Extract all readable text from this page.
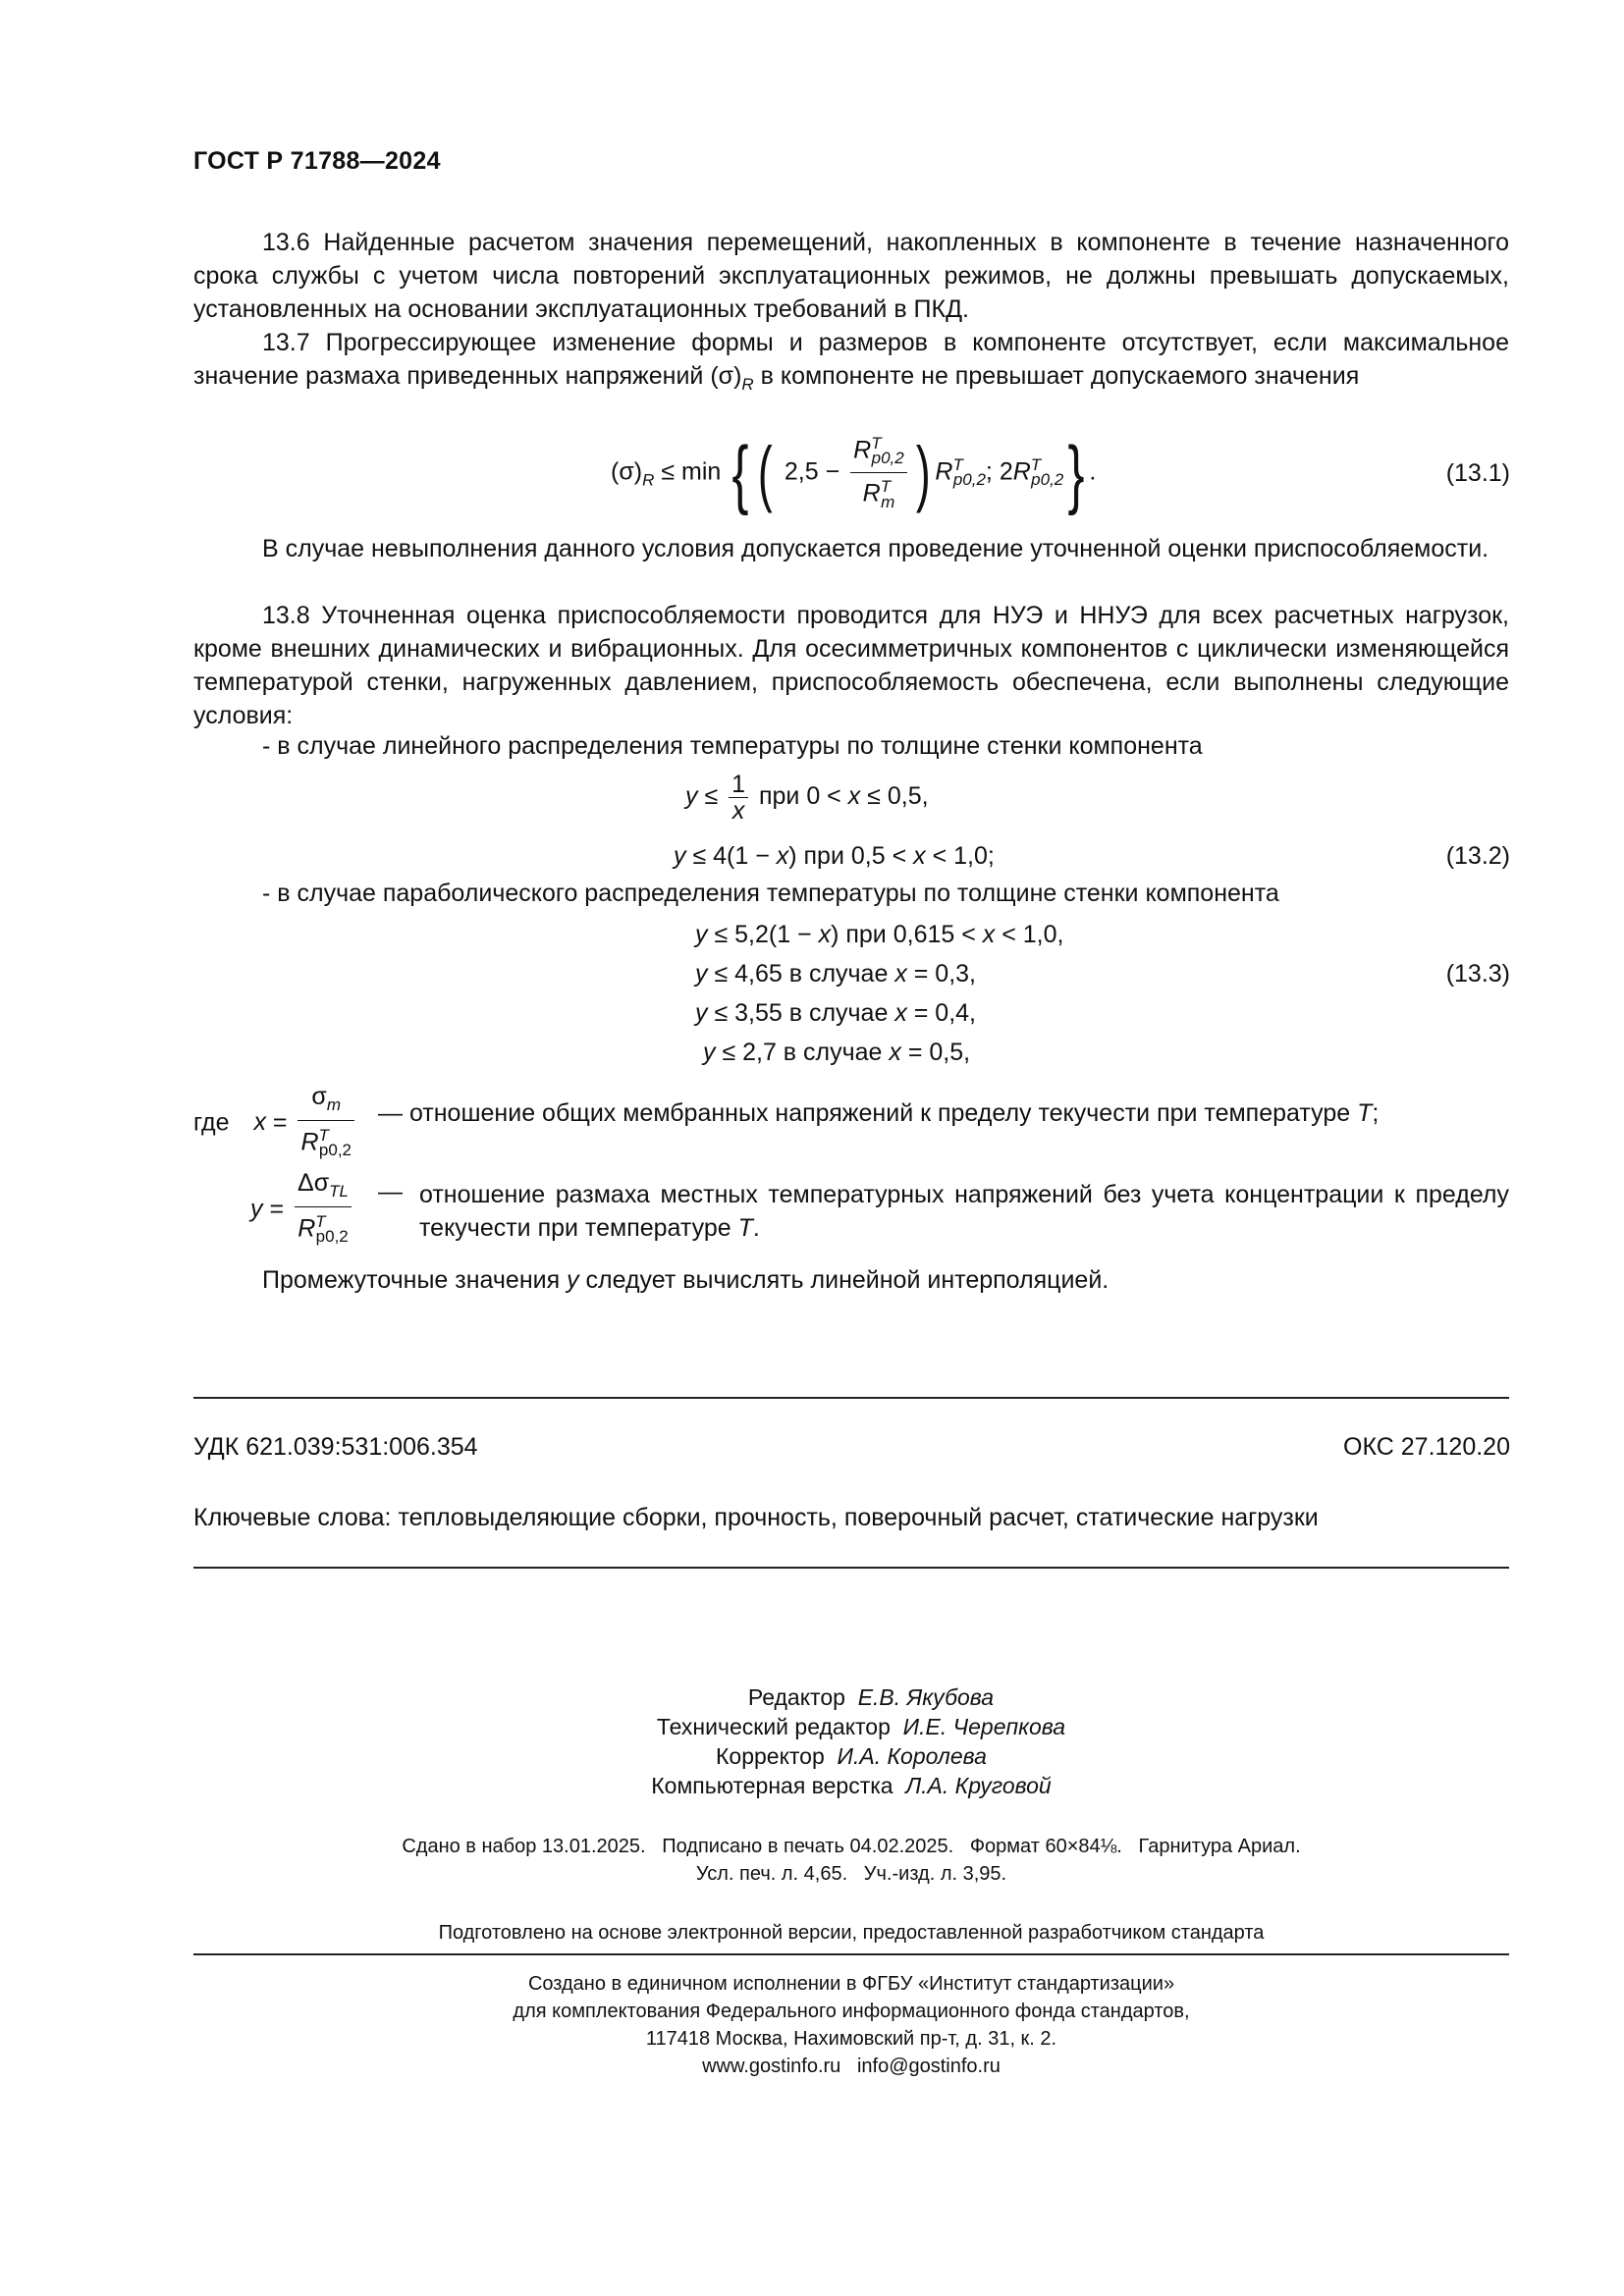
ГОСТ Р 71788—2024
13.6 Найденные расчетом значения перемещений, накопленных в компоненте в течение назначенного срока службы с учетом числа повторений эксплуатационных режимов, не должны превышать допускаемых, установленных на основании эксплуатационных требований в ПКД.
13.7 Прогрессирующее изменение формы и размеров в компоненте отсутствует, если максимальное значение размаха приведенных напряжений $(\sigma)_R$ в компоненте не превышает допускаемого значения
$(\sigma)_R \le \min$ { ( $2,5 - \frac{R^T_{p0,2}}{R^T_m}$ ) $R^T_{p0,2}$; $2R^T_{p0,2}$} .	(13.1)
В случае невыполнения данного условия допускается проведение уточненной оценки приспособляемости.
13.8 Уточненная оценка приспособляемости проводится для НУЭ и ННУЭ для всех расчетных нагрузок, кроме внешних динамических и вибрационных. Для осесимметричных компонентов с циклически изменяющейся температурой стенки, нагруженных давлением, приспособляемость обеспечена, если выполнены следующие условия:
- в случае линейного распределения температуры по толщине стенки компонента
$y \le \frac{1}{x}$ при 0 < x ≤ 0,5,
y ≤ 4(1 − x) при 0,5 < x < 1,0;	(13.2)
- в случае параболического распределения температуры по толщине стенки компонента
y ≤ 5,2(1 − x) при 0,615 < x < 1,0,
y ≤ 4,65 в случае x = 0,3,	(13.3)
y ≤ 3,55 в случае x = 0,4,
y ≤ 2,7 в случае x = 0,5,
где $x = \frac{\sigma_m}{R^T_{p0,2}}$ — отношение общих мембранных напряжений к пределу текучести при температуре T;
$y = \frac{\Delta\sigma_{TL}}{R^T_{p0,2}}$ — отношение размаха местных температурных напряжений без учета концентрации к пределу текучести при температуре T.
Промежуточные значения y следует вычислять линейной интерполяцией.
УДК 621.039:531:006.354	ОКС 27.120.20
Ключевые слова: тепловыделяющие сборки, прочность, поверочный расчет, статические нагрузки
Редактор Е.В. Якубова
Технический редактор И.Е. Черепкова
Корректор И.А. Королева
Компьютерная верстка Л.А. Круговой
Сдано в набор 13.01.2025.   Подписано в печать 04.02.2025.   Формат 60×84⅛.   Гарнитура Ариал.
Усл. печ. л. 4,65.   Уч.-изд. л. 3,95.
Подготовлено на основе электронной версии, предоставленной разработчиком стандарта
Создано в единичном исполнении в ФГБУ «Институт стандартизации»
для комплектования Федерального информационного фонда стандартов,
117418 Москва, Нахимовский пр-т, д. 31, к. 2.
www.gostinfo.ru   info@gostinfo.ru
